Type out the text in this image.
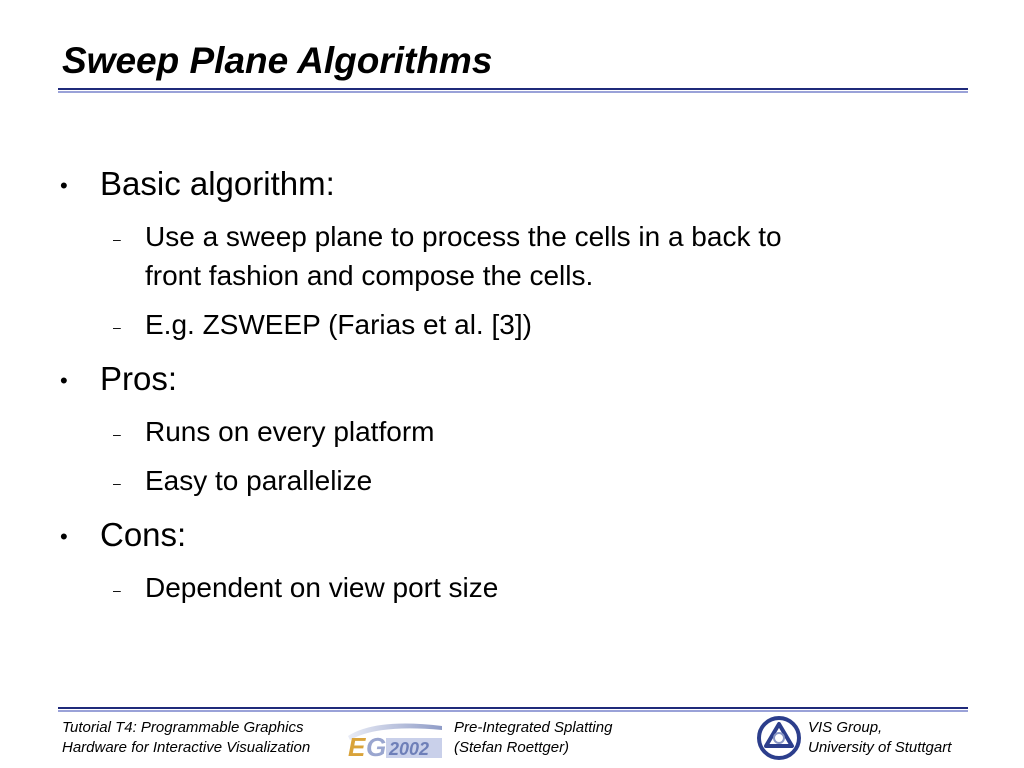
Sweep Plane Algorithms
• Basic algorithm:

– Use a sweep plane to process the cells in a back to

front fashion and compose the cells.

– E.g. ZSWEEP (Farias et al. [3])

• Pros:

– Runs on every platform

– Easy to parallelize

• Cons:

– Dependent on view port size

Tutorial T4: Programmable Graphics
Hardware for Interactive Visualization E G 2002

Pre-Integrated Splatting
(Stefan Roettger)

VIS Group,
University of Stuttgart
